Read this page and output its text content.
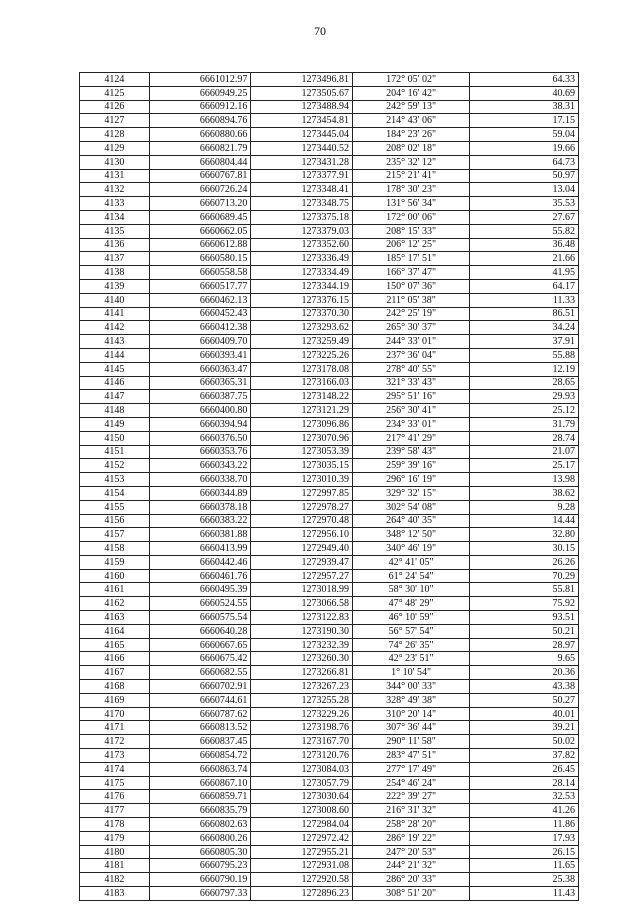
70
4124	6661012.97	1273496.81	172° 05' 02"	64.33
4125	6660949.25	1273505.67	204° 16' 42"	40.69
4126	6660912.16	1273488.94	242° 59' 13"	38.31
4127	6660894.76	1273454.81	214° 43' 06"	17.15
4128	6660880.66	1273445.04	184° 23' 26"	59.04
4129	6660821.79	1273440.52	208° 02' 18"	19.66
4130	6660804.44	1273431.28	235° 32' 12"	64.73
4131	6660767.81	1273377.91	215° 21' 41"	50.97
4132	6660726.24	1273348.41	178° 30' 23"	13.04
4133	6660713.20	1273348.75	131° 56' 34"	35.53
4134	6660689.45	1273375.18	172° 00' 06"	27.67
4135	6660662.05	1273379.03	208° 15' 33"	55.82
4136	6660612.88	1273352.60	206° 12' 25"	36.48
4137	6660580.15	1273336.49	185° 17' 51"	21.66
4138	6660558.58	1273334.49	166° 37' 47"	41.95
4139	6660517.77	1273344.19	150° 07' 36"	64.17
4140	6660462.13	1273376.15	211° 05' 38"	11.33
4141	6660452.43	1273370.30	242° 25' 19"	86.51
4142	6660412.38	1273293.62	265° 30' 37"	34.24
4143	6660409.70	1273259.49	244° 33' 01"	37.91
4144	6660393.41	1273225.26	237° 36' 04"	55.88
4145	6660363.47	1273178.08	278° 40' 55"	12.19
4146	6660365.31	1273166.03	321° 33' 43"	28.65
4147	6660387.75	1273148.22	295° 51' 16"	29.93
4148	6660400.80	1273121.29	256° 30' 41"	25.12
4149	6660394.94	1273096.86	234° 33' 01"	31.79
4150	6660376.50	1273070.96	217° 41' 29"	28.74
4151	6660353.76	1273053.39	239° 58' 43"	21.07
4152	6660343.22	1273035.15	259° 39' 16"	25.17
4153	6660338.70	1273010.39	296° 16' 19"	13.98
4154	6660344.89	1272997.85	329° 32' 15"	38.62
4155	6660378.18	1272978.27	302° 54' 08"	9.28
4156	6660383.22	1272970.48	264° 40' 35"	14.44
4157	6660381.88	1272956.10	348° 12' 50"	32.80
4158	6660413.99	1272949.40	340° 46' 19"	30.15
4159	6660442.46	1272939.47	42° 41' 05"	26.26
4160	6660461.76	1272957.27	61° 24' 54"	70.29
4161	6660495.39	1273018.99	58° 30' 10"	55.81
4162	6660524.55	1273066.58	47° 48' 29"	75.92
4163	6660575.54	1273122.83	46° 10' 59"	93.51
4164	6660640.28	1273190.30	56° 57' 54"	50.21
4165	6660667.65	1273232.39	74° 26' 35"	28.97
4166	6660675.42	1273260.30	42° 23' 51"	9.65
4167	6660682.55	1273266.81	1° 10' 54"	20.36
4168	6660702.91	1273267.23	344° 00' 33"	43.38
4169	6660744.61	1273255.28	328° 49' 38"	50.27
4170	6660787.62	1273229.26	310° 20' 14"	40.01
4171	6660813.52	1273198.76	307° 36' 44"	39.21
4172	6660837.45	1273167.70	290° 11' 58"	50.02
4173	6660854.72	1273120.76	283° 47' 51"	37.82
4174	6660863.74	1273084.03	277° 17' 49"	26.45
4175	6660867.10	1273057.79	254° 46' 24"	28.14
4176	6660859.71	1273030.64	222° 39' 27"	32.53
4177	6660835.79	1273008.60	216° 31' 32"	41.26
4178	6660802.63	1272984.04	258° 28' 20"	11.86
4179	6660800.26	1272972.42	286° 19' 22"	17.93
4180	6660805.30	1272955.21	247° 20' 53"	26.15
4181	6660795.23	1272931.08	244° 21' 32"	11.65
4182	6660790.19	1272920.58	286° 20' 33"	25.38
4183	6660797.33	1272896.23	308° 51' 20"	11.43
